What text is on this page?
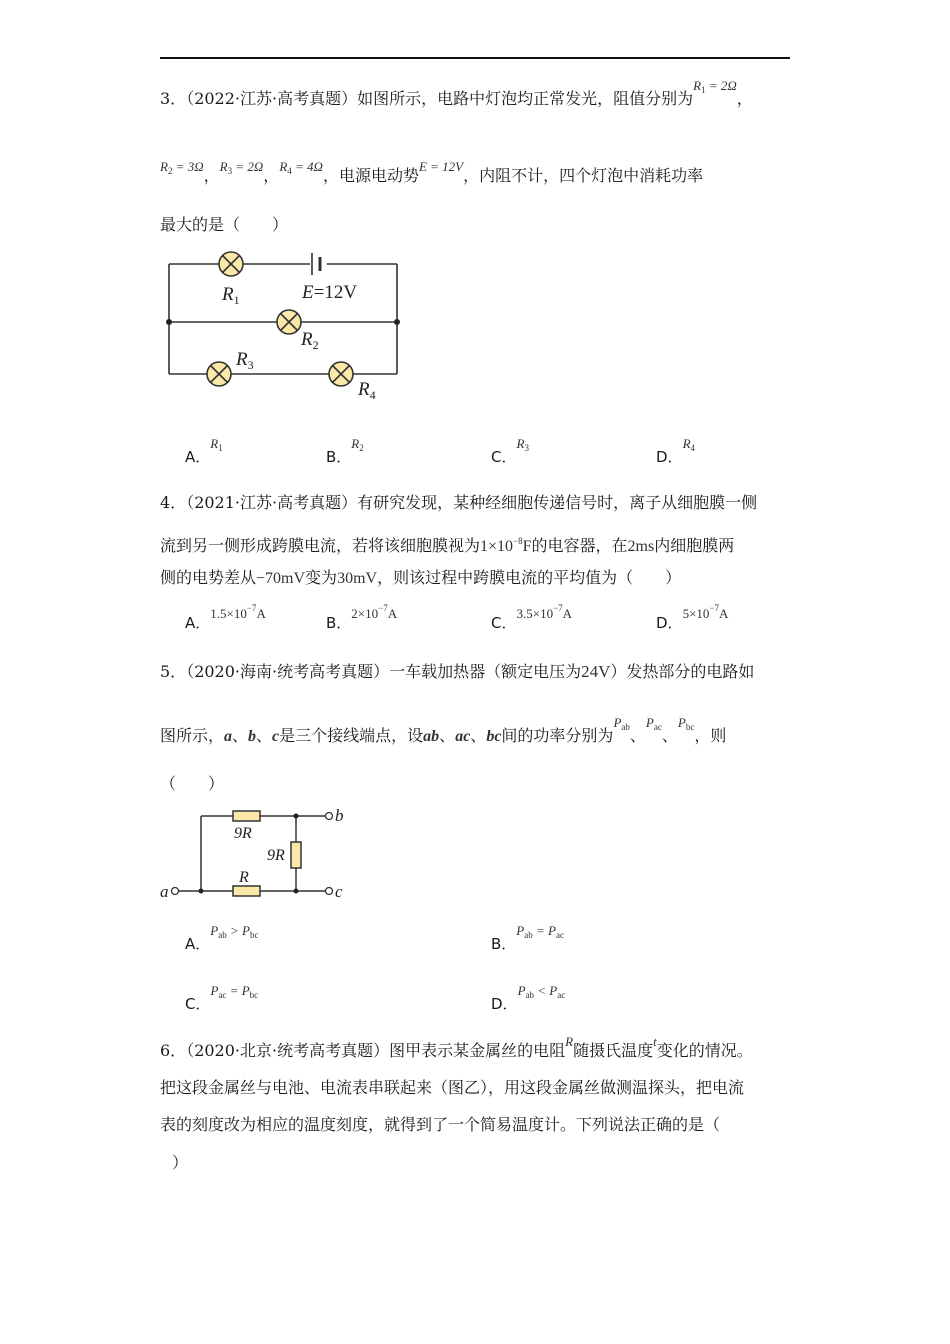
3．（2022·江苏·高考真题）如图所示，电路中灯泡均正常发光，阻值分别为$^{R_1 = 2\Omega}$，
$^{R_2 = 3\Omega}$，$^{R_3 = 2\Omega}$，$^{R_4 = 4\Omega}$，电源电动势$^{E = 12V}$，内阻不计，四个灯泡中消耗功率
最大的是（　　）
$R_1$	E=12V
$R_2$
$R_3$
$R_4$
A．$^{R_1}$	B．$^{R_2}$	C．$^{R_3}$	D．$^{R_4}$
4．（2021·江苏·高考真题）有研究发现，某种经细胞传递信号时，离子从细胞膜一侧
流到另一侧形成跨膜电流，若将该细胞膜视为$1\times 10^{-8}F$的电容器，在2ms内细胞膜两
侧的电势差从−70mV变为30mV，则该过程中跨膜电流的平均值为（　　）
A．$^{1.5\times 10^{-7}A}$
B．$^{2\times 10^{-7}A}$
C．$^{3.5\times 10^{-7}A}$
D．$^{5\times 10^{-7}A}$
5．（2020·海南·统考高考真题）一车载加热器（额定电压为24V）发热部分的电路如
图所示，a、b、c是三个接线端点，设ab、ac、bc间的功率分别为$^{P_{ab}}$、$^{P_{ac}}$、$^{P_{bc}}$，则
（　　）
9R
9R
R
a
b
c
A．$^{P_{ab} > P_{bc}}$	B．$^{P_{ab} = P_{ac}}$
C．$^{P_{ac} = P_{bc}}$	D．$^{P_{ab} < P_{ac}}$
6．（2020·北京·统考高考真题）图甲表示某金属丝的电阻$^R$随摄氏温度$^t$变化的情况。
把这段金属丝与电池、电流表串联起来（图乙），用这段金属丝做测温探头，把电流
表的刻度改为相应的温度刻度，就得到了一个简易温度计。下列说法正确的是（
）
